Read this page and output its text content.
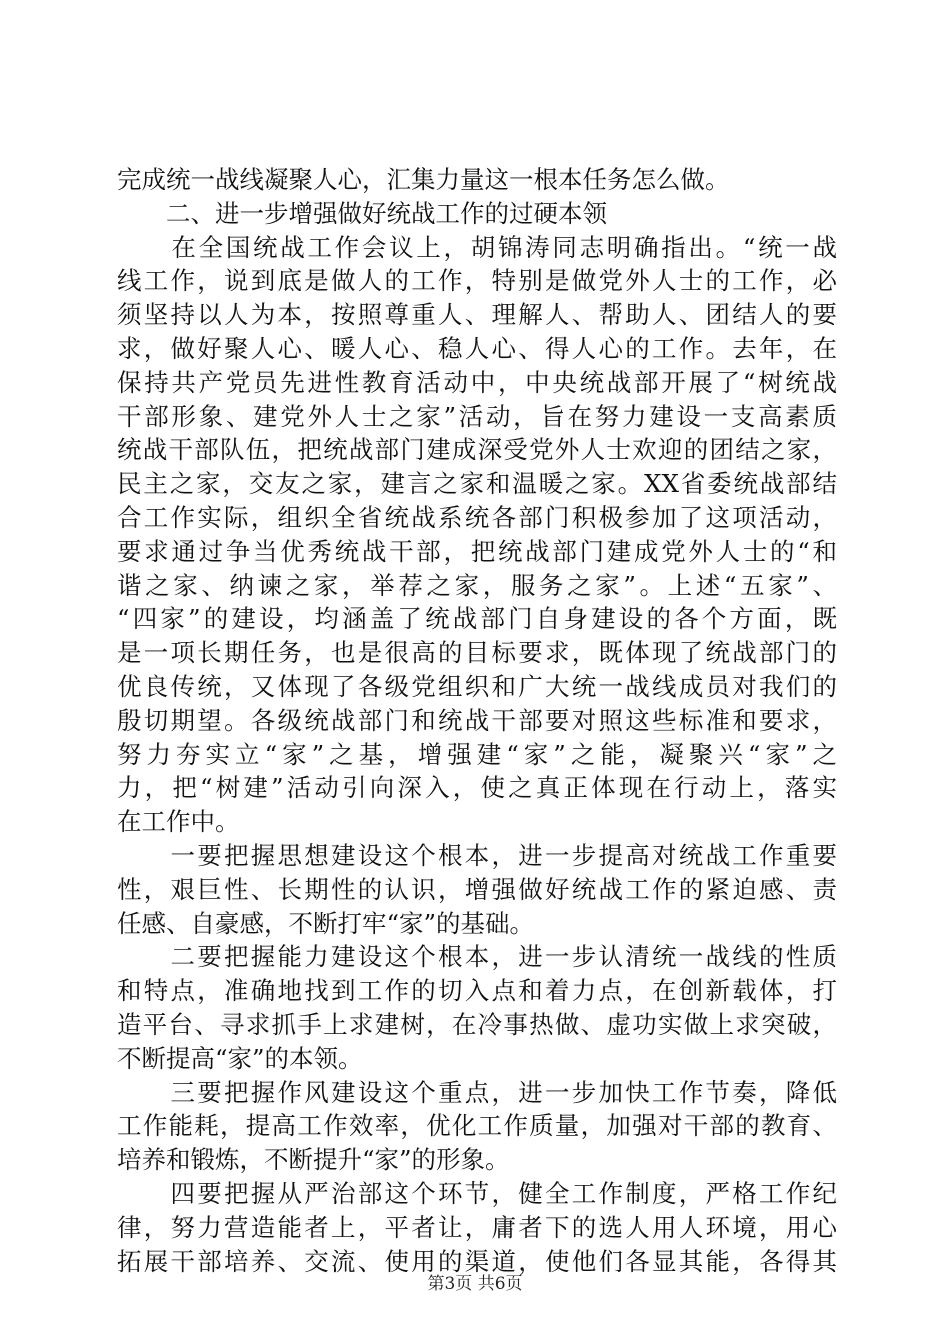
完成统一战线凝聚人心，汇集力量这一根本任务怎么做。
　　二、进一步增强做好统战工作的过硬本领
　　在全国统战工作会议上，胡锦涛同志明确指出。“统一战
线工作，说到底是做人的工作，特别是做党外人士的工作，必
须坚持以人为本，按照尊重人、理解人、帮助人、团结人的要
求，做好聚人心、暖人心、稳人心、得人心的工作。去年，在
保持共产党员先进性教育活动中，中央统战部开展了“树统战
干部形象、建党外人士之家”活动，旨在努力建设一支高素质
统战干部队伍，把统战部门建成深受党外人士欢迎的团结之家，
民主之家，交友之家，建言之家和温暖之家。XX省委统战部结
合工作实际，组织全省统战系统各部门积极参加了这项活动，
要求通过争当优秀统战干部，把统战部门建成党外人士的“和
谐之家、纳谏之家，举荐之家，服务之家”。上述“五家”、
“四家”的建设，均涵盖了统战部门自身建设的各个方面，既
是一项长期任务，也是很高的目标要求，既体现了统战部门的
优良传统，又体现了各级党组织和广大统一战线成员对我们的
殷切期望。各级统战部门和统战干部要对照这些标准和要求，
努力夯实立“家”之基，增强建“家”之能，凝聚兴“家”之
力，把“树建”活动引向深入，使之真正体现在行动上，落实
在工作中。
　　一要把握思想建设这个根本，进一步提高对统战工作重要
性，艰巨性、长期性的认识，增强做好统战工作的紧迫感、责
任感、自豪感，不断打牢“家”的基础。
　　二要把握能力建设这个根本，进一步认清统一战线的性质
和特点，准确地找到工作的切入点和着力点，在创新载体，打
造平台、寻求抓手上求建树，在冷事热做、虚功实做上求突破，
不断提高“家”的本领。
　　三要把握作风建设这个重点，进一步加快工作节奏，降低
工作能耗，提高工作效率，优化工作质量，加强对干部的教育、
培养和锻炼，不断提升“家”的形象。
　　四要把握从严治部这个环节，健全工作制度，严格工作纪
律，努力营造能者上，平者让，庸者下的选人用人环境，用心
拓展干部培养、交流、使用的渠道，使他们各显其能，各得其
第3页 共6页
